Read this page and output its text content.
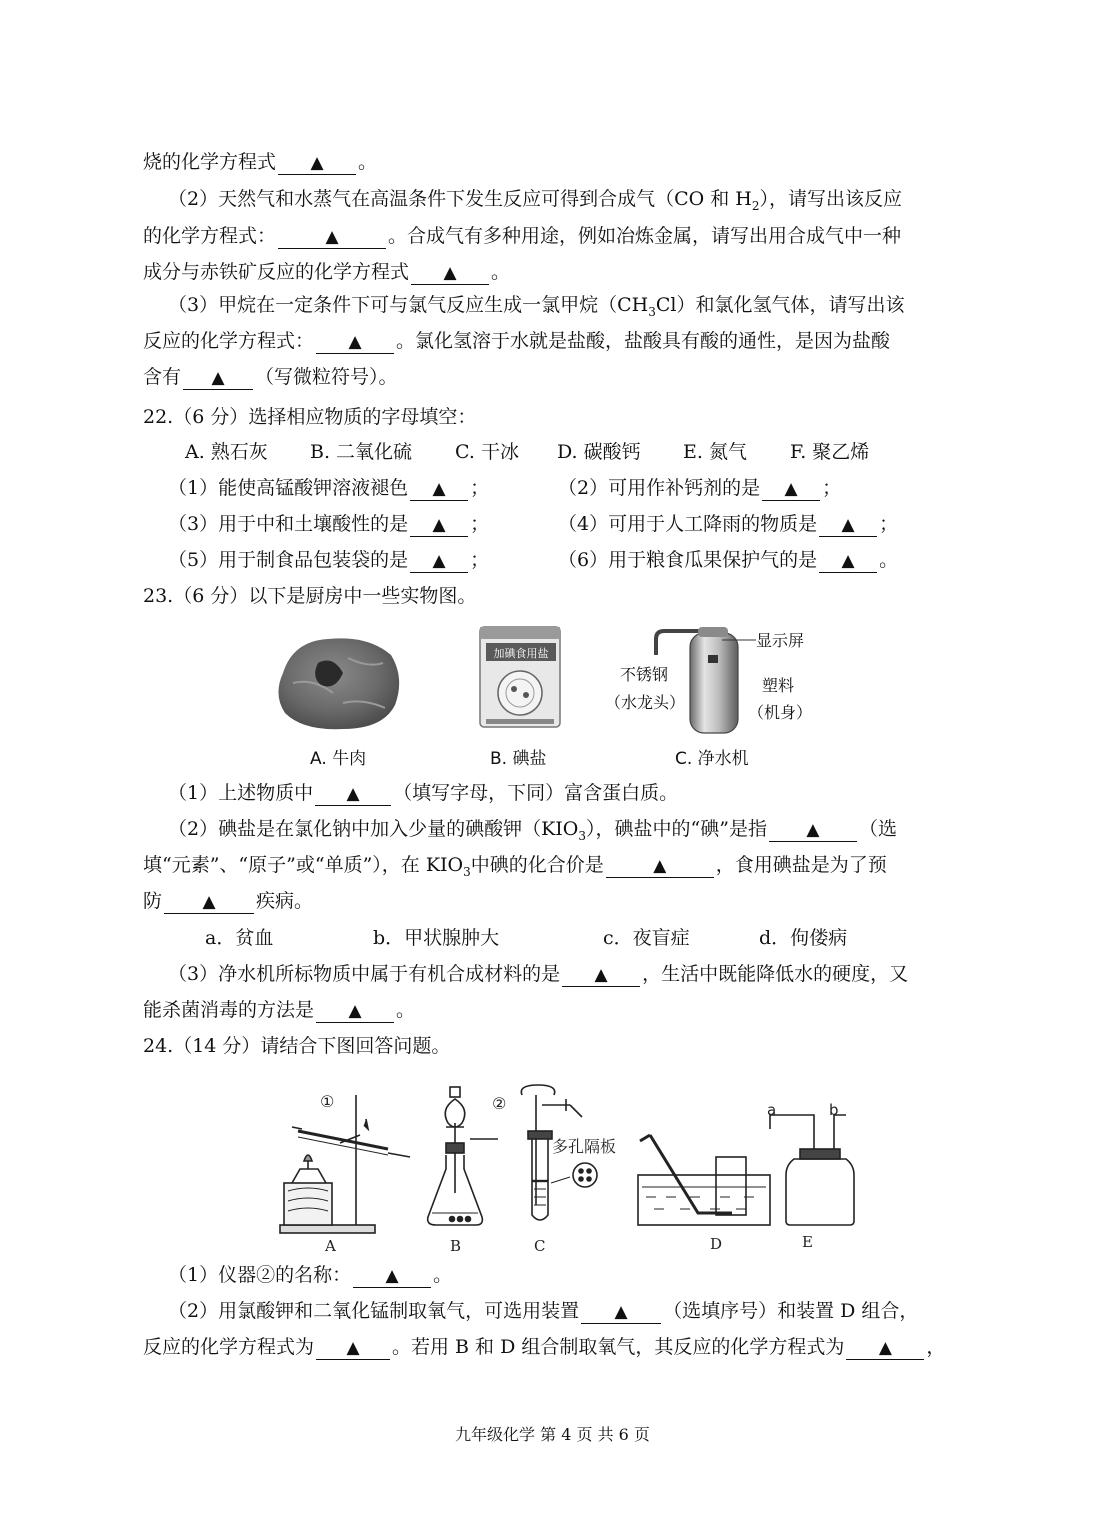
烧的化学方程式 ▲ 。
（2）天然气和水蒸气在高温条件下发生反应可得到合成气（CO 和 $H_2$），请写出该反应
的化学方程式：	▲	。合成气有多种用途，例如冶炼金属，请写出用合成气中一种
成分与赤铁矿反应的化学方程式 ▲ 。
（3）甲烷在一定条件下可与氯气反应生成一氯甲烷$(CH_3Cl)$和氯化氢气体，请写出该
反应的化学方程式： ▲ 。氯化氢溶于水就是盐酸，盐酸具有酸的通性，是因为盐酸
含有 ▲ （写微粒符号）。
22.（6 分）选择相应物质的字母填空：
A. 熟石灰 B. 二氧化硫 C. 干冰 D. 碳酸钙 E. 氮气 F. 聚乙烯
（1）能使高锰酸钾溶液褪色 ▲ ；	（2）可用作补钙剂的是 ▲ ；
（3）用于中和土壤酸性的是 ▲ ；	（4）可用于人工降雨的物质是 ▲ ；
（5）用于制食品包装袋的是 ▲ ；	（6）用于粮食瓜果保护气的是 ▲ 。
23.（6 分）以下是厨房中一些实物图。
A. 牛肉
加碘食用盐
B. 碘盐
显示屏
不锈钢
（水龙头）
塑料
（机身）
C. 净水机
（1）上述物质中 ▲ （填写字母，下同）富含蛋白质。
（2）碘盐是在氯化钠中加入少量的碘酸钾$(KIO_3)$，碘盐中的“碘”是指 ▲ （选
填“元素”、“原子”或“单质”），在 $KIO_3$中碘的化合价是	▲	，食用碘盐是为了预
防 ▲ 疾病。
a．贫血	b．甲状腺肿大	c．夜盲症	d．佝偻病
（3）净水机所标物质中属于有机合成材料的是 ▲ ，生活中既能降低水的硬度，又
能杀菌消毒的方法是 ▲ 。
24.（14 分）请结合下图回答问题。
①	②
多孔隔板
a	b
A	B	C	D	E
（1）仪器②的名称： ▲ 。
（2）用氯酸钾和二氧化锰制取氧气，可选用装置 ▲ （选填序号）和装置 D 组合，
反应的化学方程式为 ▲ 。若用 B 和 D 组合制取氧气，其反应的化学方程式为 ▲ ，
九年级化学 第 4 页 共 6 页
